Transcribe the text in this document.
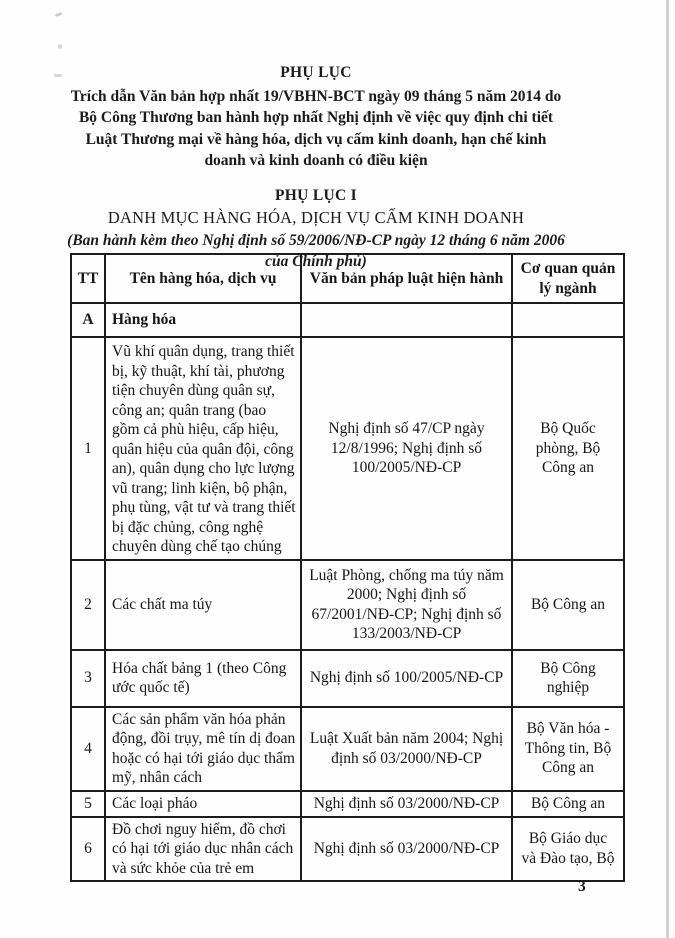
PHỤ LỤC
Trích dẫn Văn bản hợp nhất 19/VBHN-BCT ngày 09 tháng 5 năm 2014 do
Bộ Công Thương ban hành hợp nhất Nghị định về việc quy định chi tiết
Luật Thương mại về hàng hóa, dịch vụ cấm kinh doanh, hạn chế kinh
doanh và kinh doanh có điều kiện
PHỤ LỤC I
DANH MỤC HÀNG HÓA, DỊCH VỤ CẤM KINH DOANH
(Ban hành kèm theo Nghị định số 59/2006/NĐ-CP ngày 12 tháng 6 năm 2006
của Chính phủ)
TT	Tên hàng hóa, dịch vụ	Văn bản pháp luật hiện hành	Cơ quan quản lý ngành
A	Hàng hóa		
1	Vũ khí quân dụng, trang thiết bị, kỹ thuật, khí tài, phương tiện chuyên dùng quân sự, công an; quân trang (bao gồm cả phù hiệu, cấp hiệu, quân hiệu của quân đội, công an), quân dụng cho lực lượng vũ trang; linh kiện, bộ phận, phụ tùng, vật tư và trang thiết bị đặc chủng, công nghệ chuyên dùng chế tạo chúng	Nghị định số 47/CP ngày 12/8/1996; Nghị định số 100/2005/NĐ-CP	Bộ Quốc phòng, Bộ Công an
2	Các chất ma túy	Luật Phòng, chống ma túy năm 2000; Nghị định số 67/2001/NĐ-CP; Nghị định số 133/2003/NĐ-CP	Bộ Công an
3	Hóa chất bảng 1 (theo Công ước quốc tế)	Nghị định số 100/2005/NĐ-CP	Bộ Công nghiệp
4	Các sản phẩm văn hóa phản động, đồi trụy, mê tín dị đoan hoặc có hại tới giáo dục thẩm mỹ, nhân cách	Luật Xuất bản năm 2004; Nghị định số 03/2000/NĐ-CP	Bộ Văn hóa - Thông tin, Bộ Công an
5	Các loại pháo	Nghị định số 03/2000/NĐ-CP	Bộ Công an
6	Đồ chơi nguy hiểm, đồ chơi có hại tới giáo dục nhân cách và sức khỏe của trẻ em	Nghị định số 03/2000/NĐ-CP	Bộ Giáo dục và Đào tạo, Bộ
3
